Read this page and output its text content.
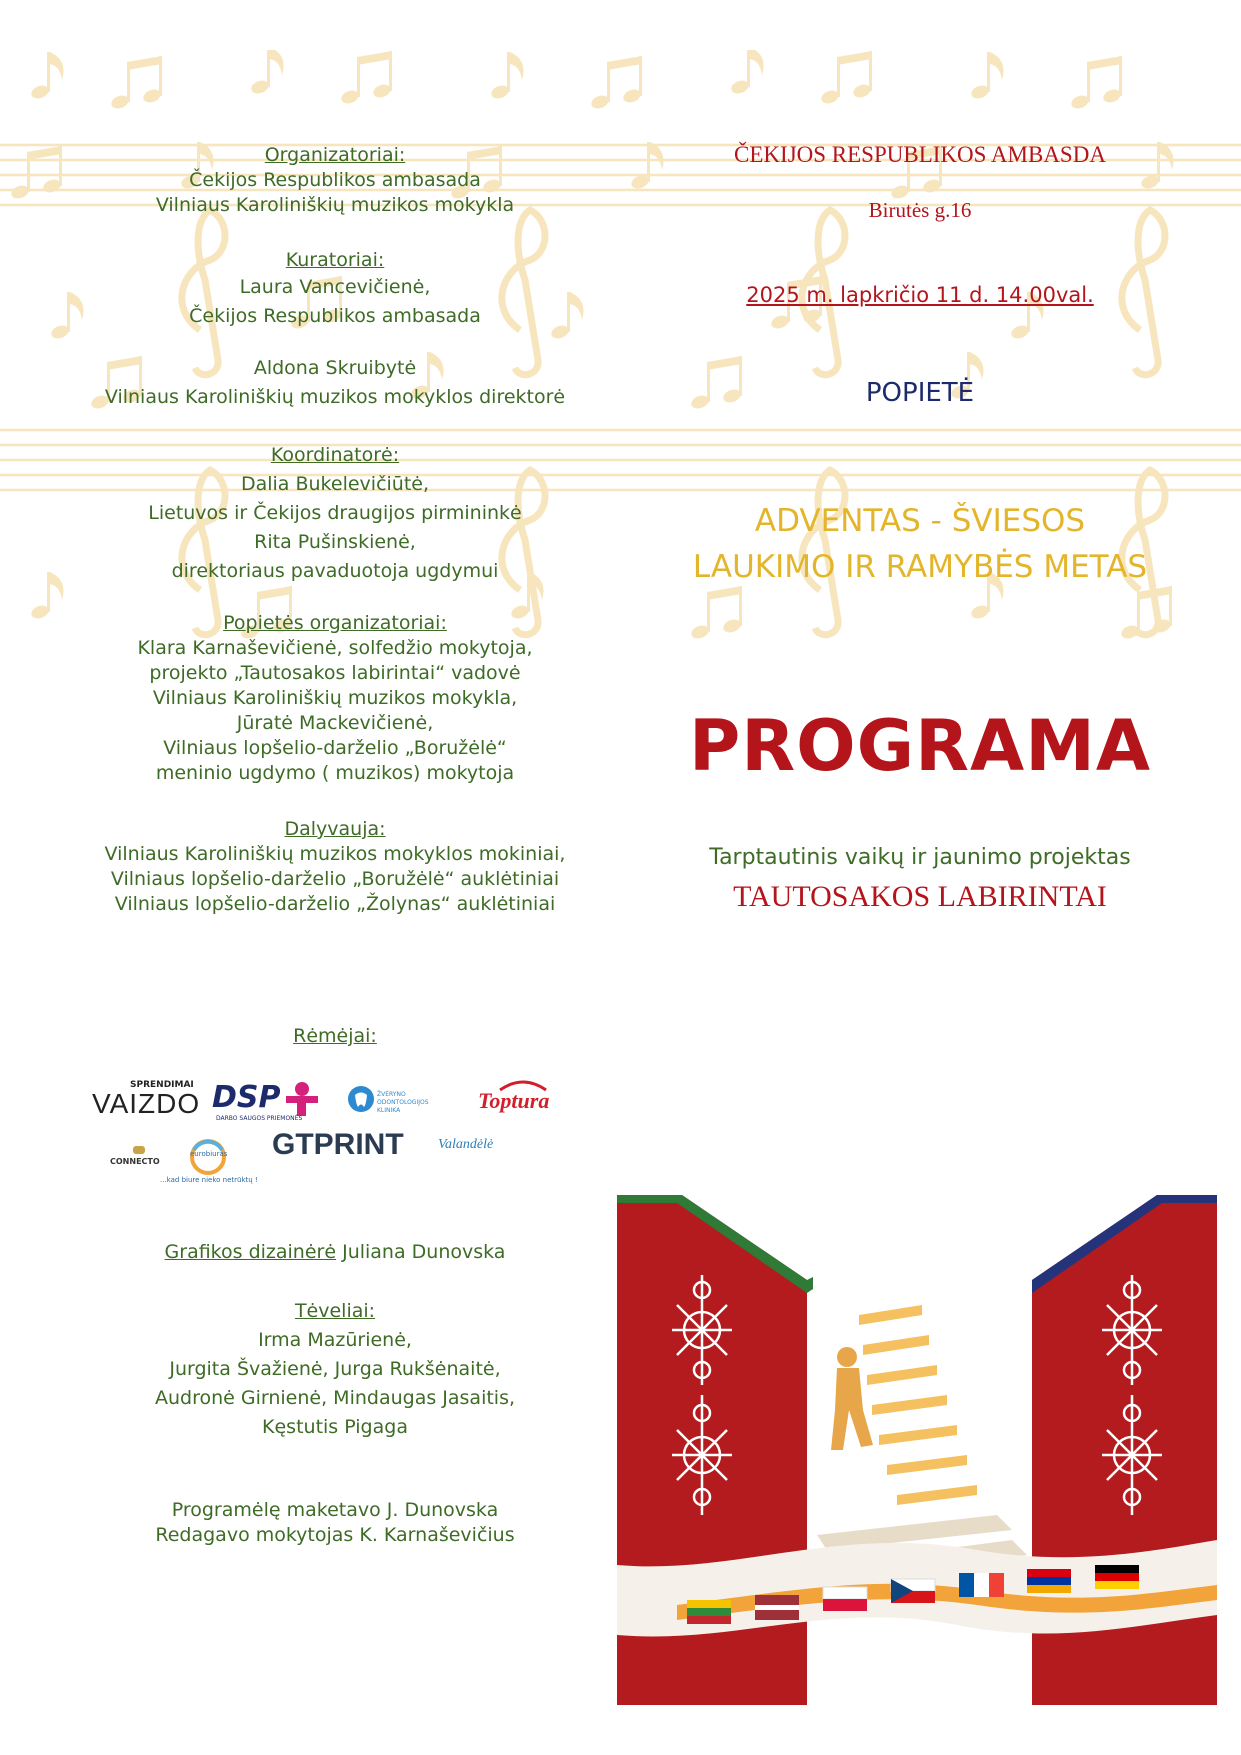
Organizatoriai:
Čekijos Respublikos ambasada
Vilniaus Karoliniškių muzikos mokykla
Kuratoriai:
Laura Vancevičienė,
Čekijos Respublikos ambasada
Aldona Skruibytė
Vilniaus Karoliniškių muzikos mokyklos direktorė
Koordinatorė:
Dalia Bukelevičiūtė,
Lietuvos ir Čekijos draugijos pirmininkė
Rita Pušinskienė,
direktoriaus pavaduotoja ugdymui
Popietės organizatoriai:
Klara Karnaševičienė, solfedžio mokytoja,
projekto „Tautosakos labirintai“ vadovė
Vilniaus Karoliniškių muzikos mokykla,
Jūratė Mackevičienė,
Vilniaus lopšelio-darželio „Boružėlė“
meninio ugdymo ( muzikos) mokytoja
Dalyvauja:
Vilniaus Karoliniškių muzikos mokyklos mokiniai,
Vilniaus lopšelio-darželio „Boružėlė“ auklėtiniai
Vilniaus lopšelio-darželio „Žolynas“ auklėtiniai
Rėmėjai:
Grafikos dizainėrė Juliana Dunovska
Tėveliai:
Irma Mazūrienė,
Jurgita Švažienė, Jurga Rukšėnaitė,
Audronė Girnienė, Mindaugas Jasaitis,
Kęstutis Pigaga
Programėlę maketavo J. Dunovska
Redagavo mokytojas K. Karnaševičius
SPRENDIMAI
VAIZDO DSP
DARBO SAUGOS PRIEMONĖS
ŽVĖRYNO ODONTOLOGIJOS KLINIKA	Toptura
CONNECTO
eurobiuras
...kad biure nieko netrūktų !
GTPRINT Valandėlė
ČEKIJOS RESPUBLIKOS AMBASDA
Birutės g.16
2025 m. lapkričio 11 d. 14.00val.
POPIETĖ
ADVENTAS - ŠVIESOS
LAUKIMO IR RAMYBĖS METAS
PROGRAMA
Tarptautinis vaikų ir jaunimo projektas
TAUTOSAKOS LABIRINTAI
